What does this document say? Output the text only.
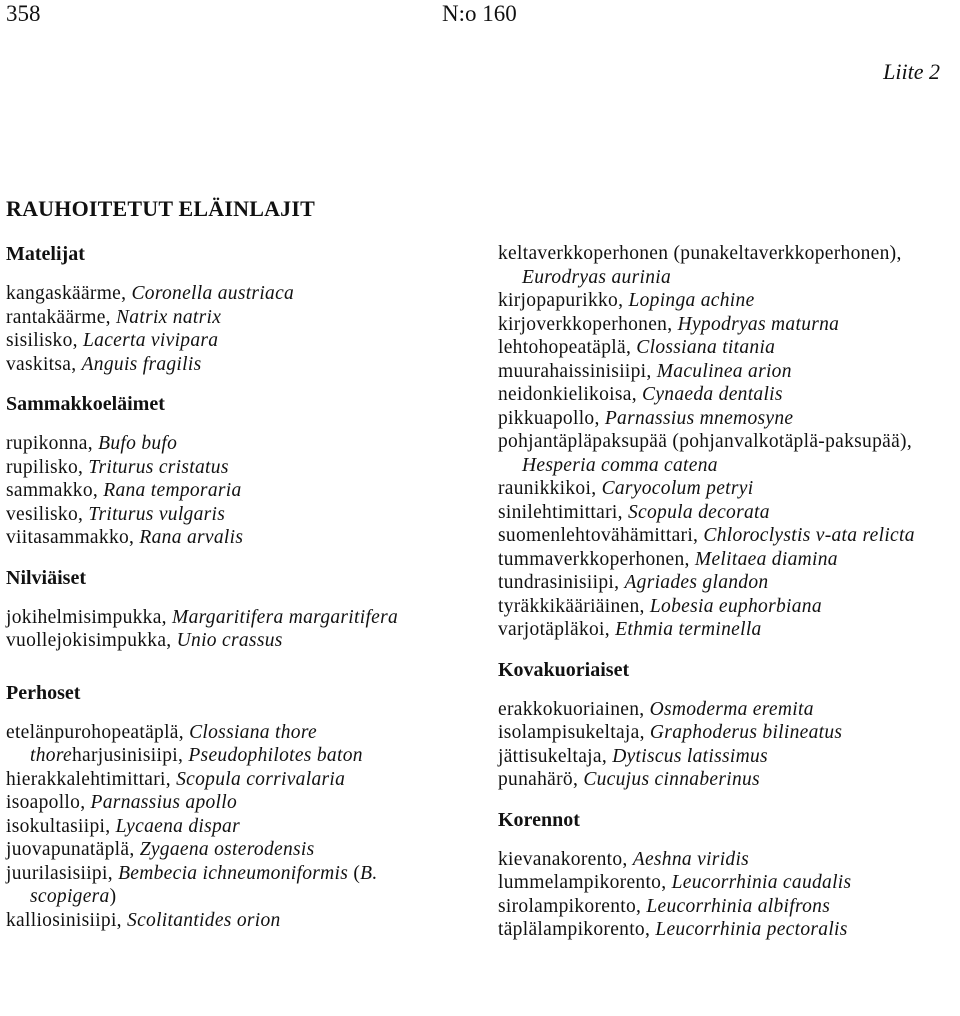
358	N:o 160
Liite 2
RAUHOITETUT ELÄINLAJIT
Matelijat
kangaskäärme, Coronella austriaca
rantakäärme, Natrix natrix
sisilisko, Lacerta vivipara
vaskitsa, Anguis fragilis
Sammakkoeläimet
rupikonna, Bufo bufo
rupilisko, Triturus cristatus
sammakko, Rana temporaria
vesilisko, Triturus vulgaris
viitasammakko, Rana arvalis
Nilviäiset
jokihelmisimpukka, Margaritifera margaritifera
vuollejokisimpukka, Unio crassus
Perhoset
etelänpurohopeatäplä, Clossiana thore thoreharjusinisiipi, Pseudophilotes baton
hierakkalehtimittari, Scopula corrivalaria
isoapollo, Parnassius apollo
isokultasiipi, Lycaena dispar
juovapunatäplä, Zygaena osterodensis
juurilasisiipi, Bembecia ichneumoniformis (B. scopigera)
kalliosinisiipi, Scolitantides orion
keltaverkkoperhonen (punakeltaverkkoperhonen), Eurodryas aurinia
kirjopapurikko, Lopinga achine
kirjoverkkoperhonen, Hypodryas maturna
lehtohopeatäplä, Clossiana titania
muurahaissinisiipi, Maculinea arion
neidonkielikoisa, Cynaeda dentalis
pikkuapollo, Parnassius mnemosyne
pohjantäpläpaksupää (pohjanvalkotäplä-paksupää), Hesperia comma catena
raunikkikoi, Caryocolum petryi
sinilehtimittari, Scopula decorata
suomenlehtovähämittari, Chloroclystis v-ata relicta
tummaverkkoperhonen, Melitaea diamina
tundrasinisiipi, Agriades glandon
tyräkkikääriäinen, Lobesia euphorbiana
varjotäpläkoi, Ethmia terminella
Kovakuoriaiset
erakkokuoriainen, Osmoderma eremita
isolampisukeltaja, Graphoderus bilineatus
jättisukeltaja, Dytiscus latissimus
punahärö, Cucujus cinnaberinus
Korennot
kievanakorento, Aeshna viridis
lummelampikorento, Leucorrhinia caudalis
sirolampikorento, Leucorrhinia albifrons
täplälampikorento, Leucorrhinia pectoralis
